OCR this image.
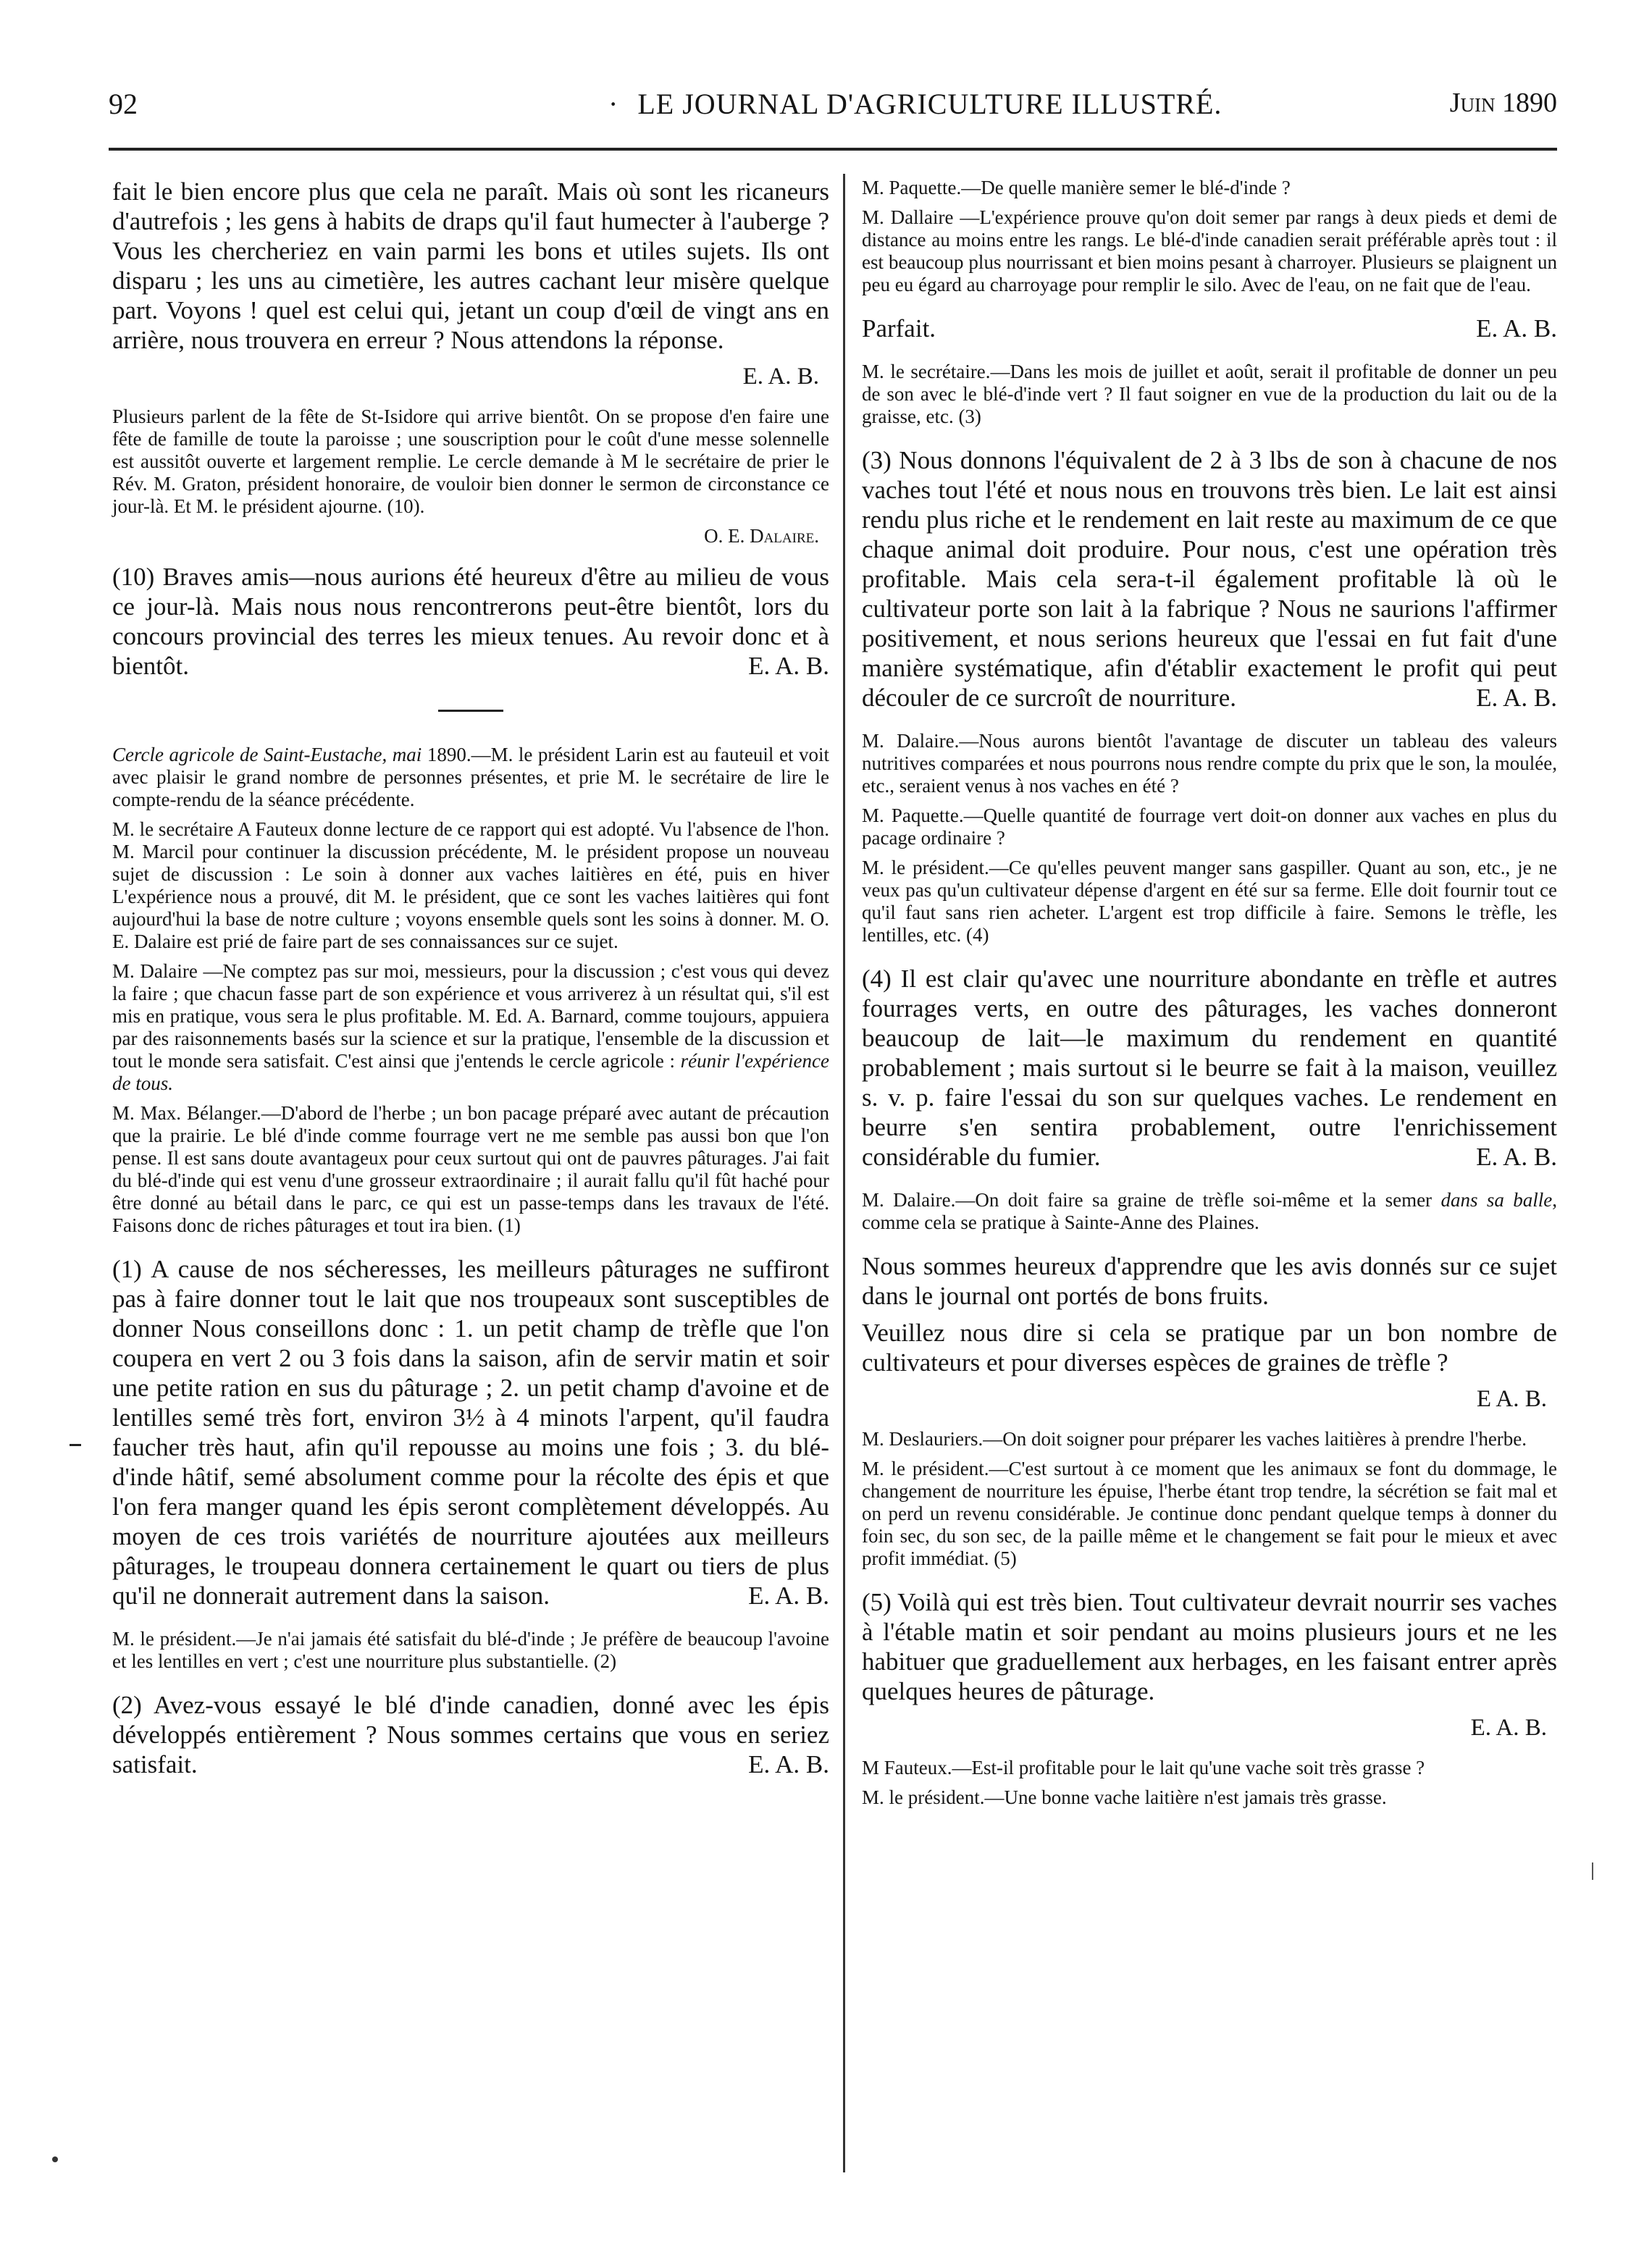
92	· LE JOURNAL D'AGRICULTURE ILLUSTRÉ.	Juin 1890

fait le bien encore plus que cela ne paraît. Mais où sont les ricaneurs d'autrefois ; les gens à habits de draps qu'il faut humecter à l'auberge ? Vous les chercheriez en vain parmi les bons et utiles sujets. Ils ont disparu ; les uns au cimetière, les autres cachant leur misère quelque part. Voyons ! quel est celui qui, jetant un coup d'œil de vingt ans en arrière, nous trouvera en erreur ? Nous attendons la réponse.

E. A. B.

Plusieurs parlent de la fête de St-Isidore qui arrive bientôt. On se propose d'en faire une fête de famille de toute la paroisse ; une souscription pour le coût d'une messe solennelle est aussitôt ouverte et largement remplie. Le cercle demande à M le secrétaire de prier le Rév. M. Graton, président honoraire, de vouloir bien donner le sermon de circonstance ce jour-là. Et M. le président ajourne. (10).

O. E. Dalaire.

(10) Braves amis—nous aurions été heureux d'être au milieu de vous ce jour-là. Mais nous nous rencontrerons peut-être bientôt, lors du concours provincial des terres les mieux tenues. Au revoir donc et à bientôt.	E. A. B.

Cercle agricole de Saint-Eustache, mai 1890.—M. le président Larin est au fauteuil et voit avec plaisir le grand nombre de personnes présentes, et prie M. le secrétaire de lire le compte-rendu de la séance précédente.

M. le secrétaire A Fauteux donne lecture de ce rapport qui est adopté. Vu l'absence de l'hon. M. Marcil pour continuer la discussion précédente, M. le président propose un nouveau sujet de discussion : Le soin à donner aux vaches laitières en été, puis en hiver L'expérience nous a prouvé, dit M. le président, que ce sont les vaches laitières qui font aujourd'hui la base de notre culture ; voyons ensemble quels sont les soins à donner. M. O. E. Dalaire est prié de faire part de ses connaissances sur ce sujet.

M. Dalaire —Ne comptez pas sur moi, messieurs, pour la discussion ; c'est vous qui devez la faire ; que chacun fasse part de son expérience et vous arriverez à un résultat qui, s'il est mis en pratique, vous sera le plus profitable. M. Ed. A. Barnard, comme toujours, appuiera par des raisonnements basés sur la science et sur la pratique, l'ensemble de la discussion et tout le monde sera satisfait. C'est ainsi que j'entends le cercle agricole : réunir l'expérience de tous.

M. Max. Bélanger.—D'abord de l'herbe ; un bon pacage préparé avec autant de précaution que la prairie. Le blé d'inde comme fourrage vert ne me semble pas aussi bon que l'on pense. Il est sans doute avantageux pour ceux surtout qui ont de pauvres pâturages. J'ai fait du blé-d'inde qui est venu d'une grosseur extraordinaire ; il aurait fallu qu'il fût haché pour être donné au bétail dans le parc, ce qui est un passe-temps dans les travaux de l'été. Faisons donc de riches pâturages et tout ira bien. (1)

(1) A cause de nos sécheresses, les meilleurs pâturages ne suffiront pas à faire donner tout le lait que nos troupeaux sont susceptibles de donner Nous conseillons donc : 1. un petit champ de trèfle que l'on coupera en vert 2 ou 3 fois dans la saison, afin de servir matin et soir une petite ration en sus du pâturage ; 2. un petit champ d'avoine et de lentilles semé très fort, environ 3½ à 4 minots l'arpent, qu'il faudra faucher très haut, afin qu'il repousse au moins une fois ; 3. du blé-d'inde hâtif, semé absolument comme pour la récolte des épis et que l'on fera manger quand les épis seront complètement développés. Au moyen de ces trois variétés de nourriture ajoutées aux meilleurs pâturages, le troupeau donnera certainement le quart ou tiers de plus qu'il ne donnerait autrement dans la saison.	E. A. B.

M. le président.—Je n'ai jamais été satisfait du blé-d'inde ; Je préfère de beaucoup l'avoine et les lentilles en vert ; c'est une nourriture plus substantielle. (2)

(2) Avez-vous essayé le blé d'inde canadien, donné avec les épis développés entièrement ? Nous sommes certains que vous en seriez satisfait.	E. A. B.

M. Paquette.—De quelle manière semer le blé-d'inde ?

M. Dallaire —L'expérience prouve qu'on doit semer par rangs à deux pieds et demi de distance au moins entre les rangs. Le blé-d'inde canadien serait préférable après tout : il est beaucoup plus nourrissant et bien moins pesant à charroyer. Plusieurs se plaignent un peu eu égard au charroyage pour remplir le silo. Avec de l'eau, on ne fait que de l'eau.

Parfait.	E. A. B.

M. le secrétaire.—Dans les mois de juillet et août, serait il profitable de donner un peu de son avec le blé-d'inde vert ? Il faut soigner en vue de la production du lait ou de la graisse, etc. (3)

(3) Nous donnons l'équivalent de 2 à 3 lbs de son à chacune de nos vaches tout l'été et nous nous en trouvons très bien. Le lait est ainsi rendu plus riche et le rendement en lait reste au maximum de ce que chaque animal doit produire. Pour nous, c'est une opération très profitable. Mais cela sera-t-il également profitable là où le cultivateur porte son lait à la fabrique ? Nous ne saurions l'affirmer positivement, et nous serions heureux que l'essai en fut fait d'une manière systématique, afin d'établir exactement le profit qui peut découler de ce surcroît de nourriture.	E. A. B.

M. Dalaire.—Nous aurons bientôt l'avantage de discuter un tableau des valeurs nutritives comparées et nous pourrons nous rendre compte du prix que le son, la moulée, etc., seraient venus à nos vaches en été ?

M. Paquette.—Quelle quantité de fourrage vert doit-on donner aux vaches en plus du pacage ordinaire ?

M. le président.—Ce qu'elles peuvent manger sans gaspiller. Quant au son, etc., je ne veux pas qu'un cultivateur dépense d'argent en été sur sa ferme. Elle doit fournir tout ce qu'il faut sans rien acheter. L'argent est trop difficile à faire. Semons le trèfle, les lentilles, etc. (4)

(4) Il est clair qu'avec une nourriture abondante en trèfle et autres fourrages verts, en outre des pâturages, les vaches donneront beaucoup de lait—le maximum du rendement en quantité probablement ; mais surtout si le beurre se fait à la maison, veuillez s. v. p. faire l'essai du son sur quelques vaches. Le rendement en beurre s'en sentira probablement, outre l'enrichissement considérable du fumier.	E. A. B.

M. Dalaire.—On doit faire sa graine de trèfle soi-même et la semer dans sa balle, comme cela se pratique à Sainte-Anne des Plaines.

Nous sommes heureux d'apprendre que les avis donnés sur ce sujet dans le journal ont portés de bons fruits.

Veuillez nous dire si cela se pratique par un bon nombre de cultivateurs et pour diverses espèces de graines de trèfle ?

E A. B.

M. Deslauriers.—On doit soigner pour préparer les vaches laitières à prendre l'herbe.

M. le président.—C'est surtout à ce moment que les animaux se font du dommage, le changement de nourriture les épuise, l'herbe étant trop tendre, la sécrétion se fait mal et on perd un revenu considérable. Je continue donc pendant quelque temps à donner du foin sec, du son sec, de la paille même et le changement se fait pour le mieux et avec profit immédiat. (5)

(5) Voilà qui est très bien. Tout cultivateur devrait nourrir ses vaches à l'étable matin et soir pendant au moins plusieurs jours et ne les habituer que graduellement aux herbages, en les faisant entrer après quelques heures de pâturage.

E. A. B.

M Fauteux.—Est-il profitable pour le lait qu'une vache soit très grasse ?

M. le président.—Une bonne vache laitière n'est jamais très grasse.
